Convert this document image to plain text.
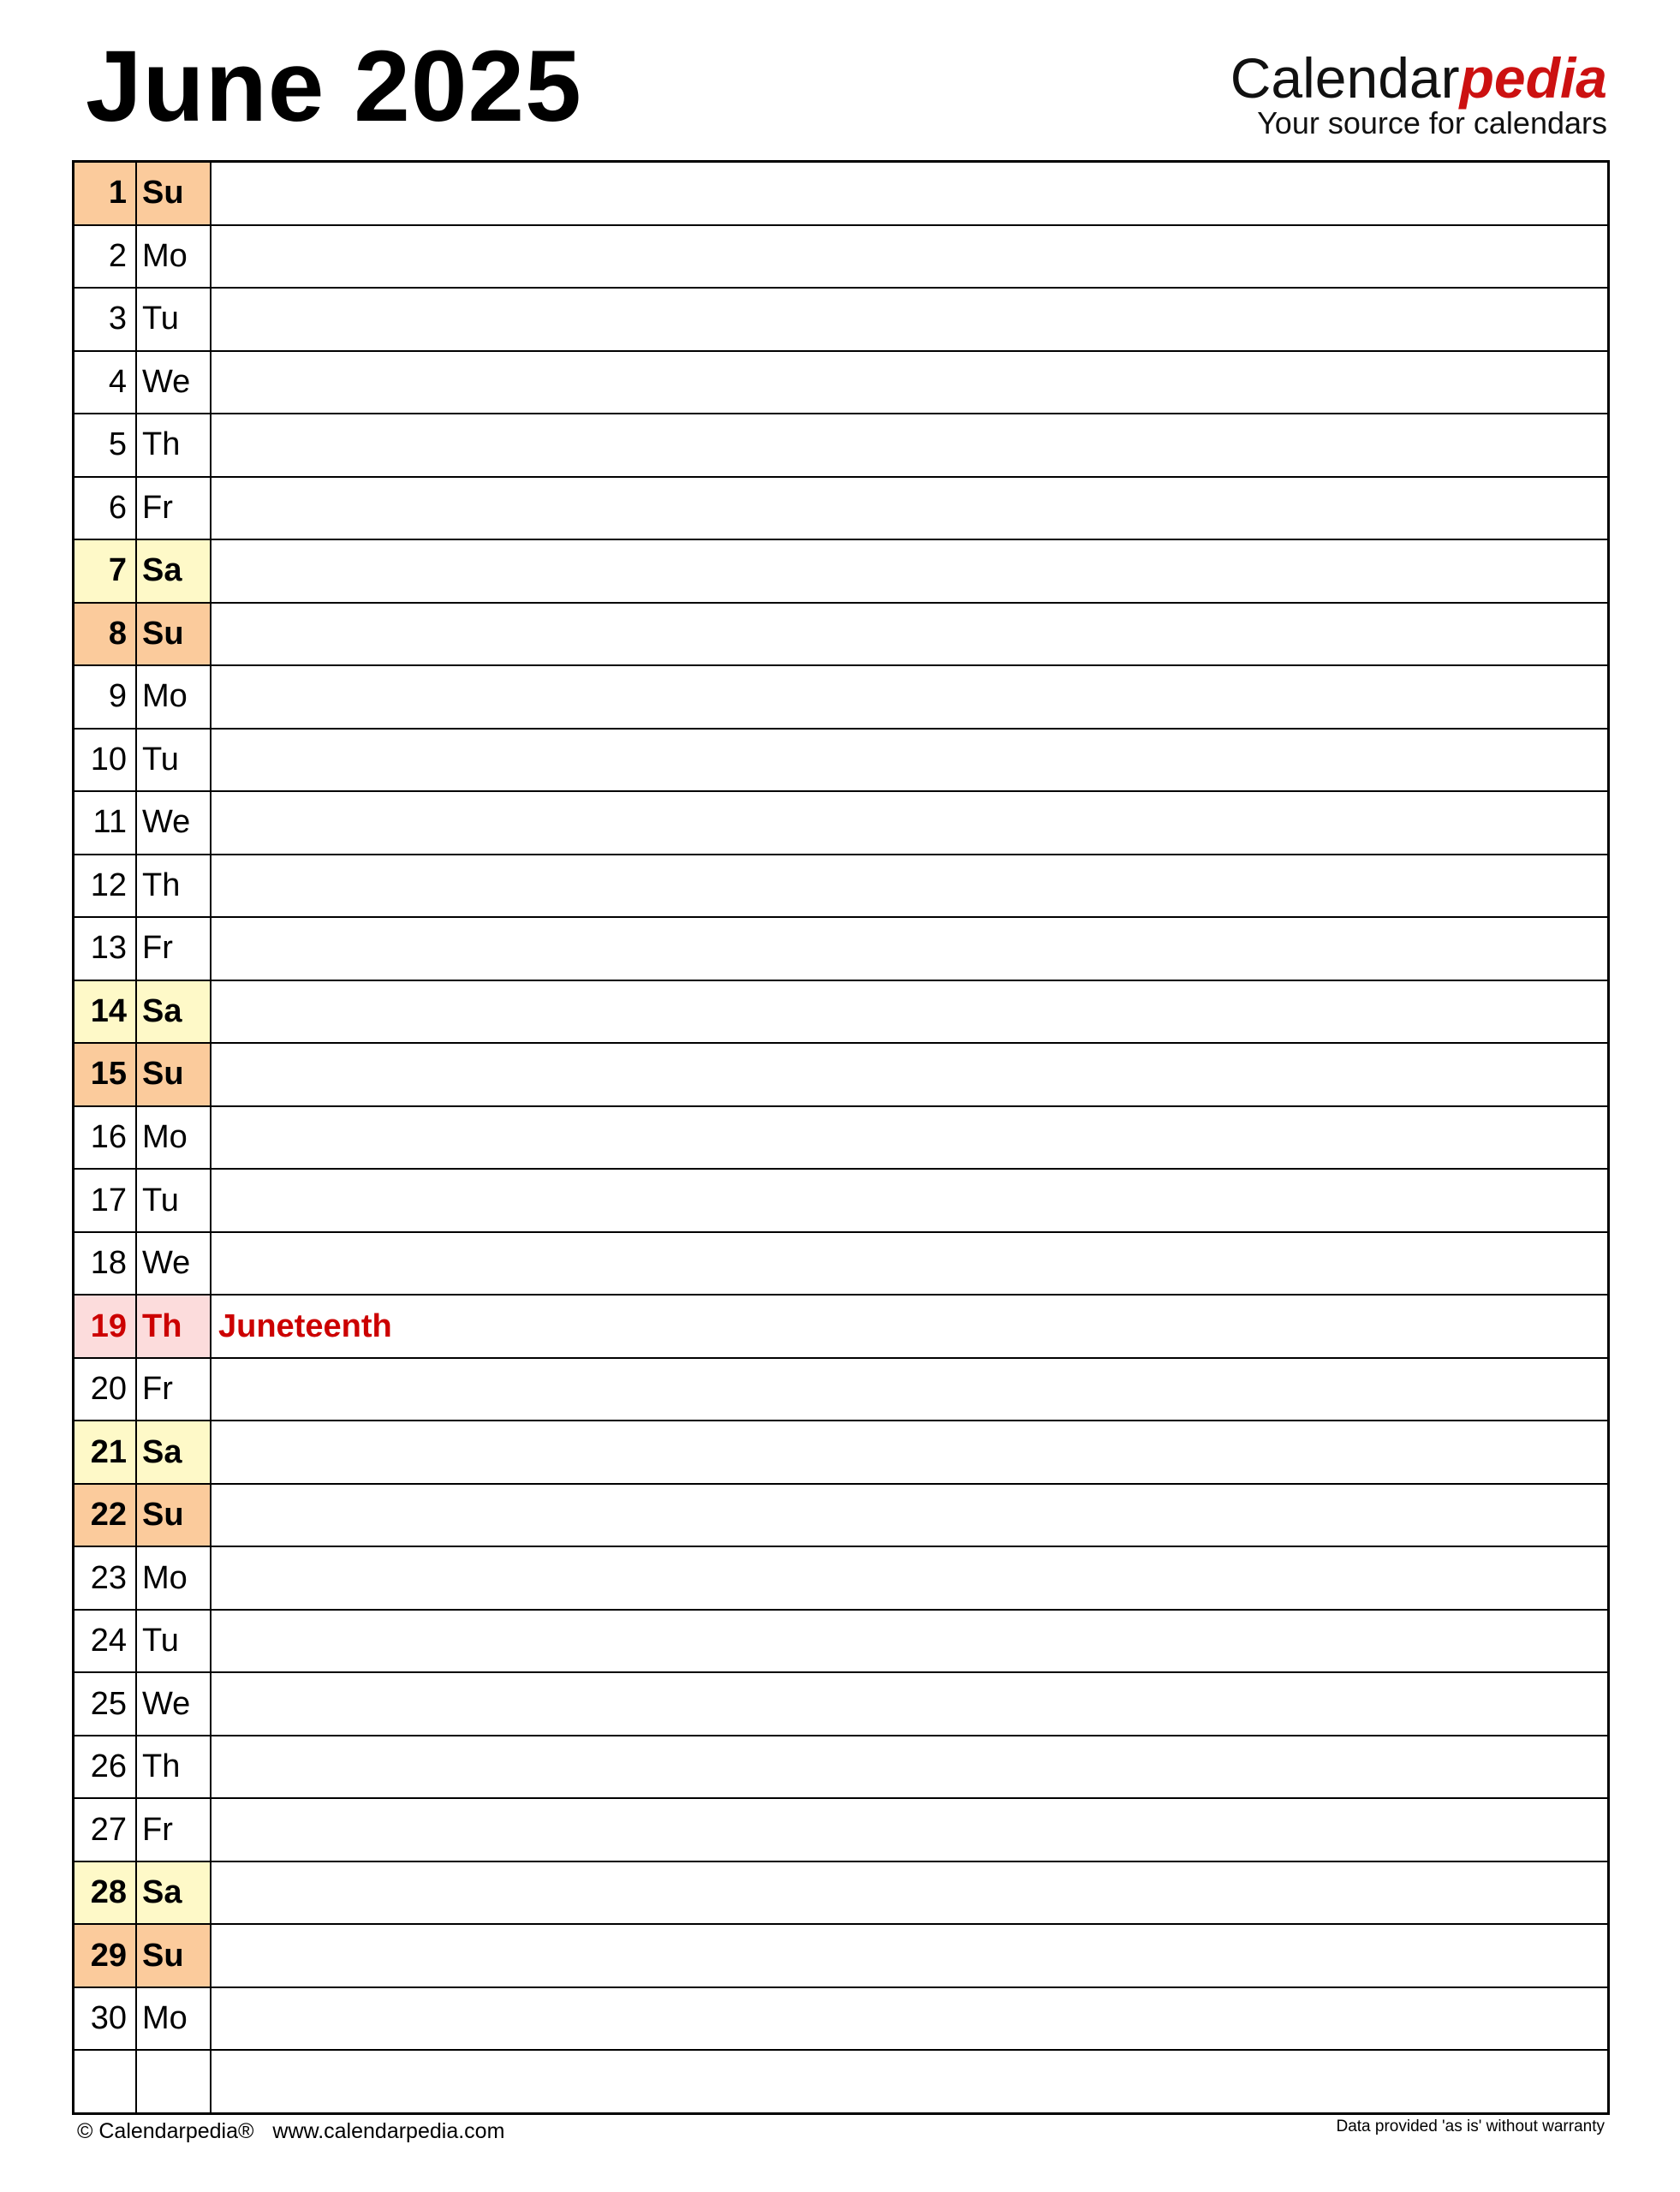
June 2025	Calendarpedia
Your source for calendars
1 Su
2 Mo
3 Tu
4 We
5 Th
6 Fr
7 Sa
8 Su
9 Mo
10 Tu
11 We
12 Th
13 Fr
14 Sa
15 Su
16 Mo
17 Tu
18 We
19 Th	Juneteenth
20 Fr
21 Sa
22 Su
23 Mo
24 Tu
25 We
26 Th
27 Fr
28 Sa
29 Su
30 Mo
© Calendarpedia® www.calendarpedia.com	Data provided 'as is' without warranty
